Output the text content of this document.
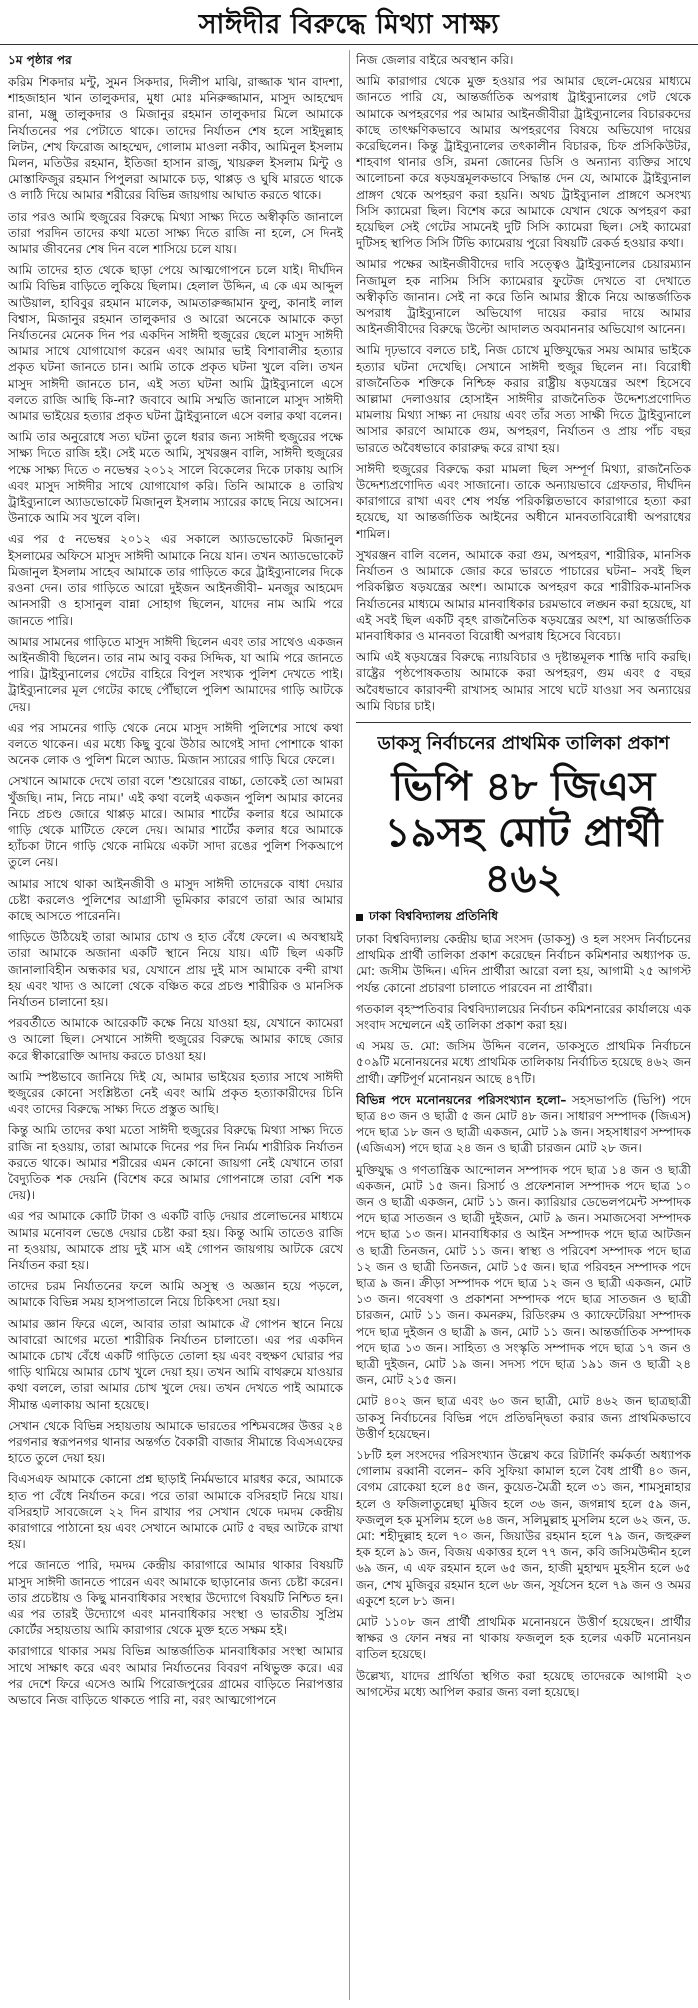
সাঈদীর বিরুদ্ধে মিথ্যা সাক্ষ্য
১ম পৃষ্ঠার পর

করিম শিকদার মন্টু, সুমন সিকদার, দিলীপ মাঝি, রাজ্জাক খান বাদশা, শাহজাহান খান তালুকদার, মুধা মোঃ মনিরুজ্জামান, মাসুদ আহম্মেদ রানা, মঞ্জু তালুকদার ও মিজানুর রহমান তালুকদার মিলে আমাকে নির্যাতনের পর পেটাতে থাকে। তাদের নির্যাতন শেষ হলে সাইদুল্লাহ লিটন, শেখ ফিরোজ আহম্মেদ, গোলাম মাওলা নকীব, আমিনুল ইসলাম মিলন, মতিউর রহমান, ইতিজা হাসান রাজু, খায়রুল ইসলাম মিন্টু ও মোস্তাফিজুর রহমান পিপুলরা আমাকে চড়, থাপ্পড় ও ঘুষি মারতে থাকে ও লাঠি দিয়ে আমার শরীরের বিভিন্ন জায়গায় আঘাত করতে থাকে।

তার পরও আমি হুজুরের বিরুদ্ধে মিথ্যা সাক্ষ্য দিতে অস্বীকৃতি জানালে তারা পরদিন তাদের কথা মতো সাক্ষ্য দিতে রাজি না হলে, সে দিনই আমার জীবনের শেষ দিন বলে শাসিয়ে চলে যায়।

আমি তাদের হাত থেকে ছাড়া পেয়ে আত্মগোপনে চলে যাই। দীর্ঘদিন আমি বিভিন্ন বাড়িতে লুকিয়ে ছিলাম। হেলাল উদ্দিন, এ কে এম আব্দুল আউয়াল, হাবিবুর রহমান মালেক, আমতারুজ্জামান ফুলু, কানাই লাল বিশ্বাস, মিজানুর রহমান তালুকদার ও আরো অনেকে আমাকে কড়া নির্যাতনের মেনেক দিন পর একদিন সাঈদী হুজুরের ছেলে মাসুদ সাঈদী আমার সাথে যোগাযোগ করেন এবং আমার ভাই বিশাবালীর হত্যার প্রকৃত ঘটনা জানতে চান। আমি তাকে প্রকৃত ঘটনা খুলে বলি। তখন মাসুদ সাঈদী জানতে চান, এই সত্য ঘটনা আমি ট্রাইব্যুনালে এসে বলতে রাজি আছি কি-না? জবাবে আমি সম্মতি জানালে মাসুদ সাঈদী আমার ভাইয়ের হত্যার প্রকৃত ঘটনা ট্রাইব্যুনালে এসে বলার কথা বলেন।

আমি তার অনুরোধে সত্য ঘটনা তুলে ধরার জন্য সাঈদী হুজুরের পক্ষে সাক্ষ্য দিতে রাজি হই। সেই মতে আমি, সুখরঞ্জন বালি, সাঈদী হুজুরের পক্ষে সাক্ষ্য দিতে ৩ নভেম্বর ২০১২ সালে বিকেলের দিকে ঢাকায় আসি এবং মাসুদ সাঈদীর সাথে যোগাযোগ করি। তিনি আমাকে ৪ তারিখ ট্রাইব্যুনালে অ্যাডভোকেট মিজানুল ইসলাম স্যারের কাছে নিয়ে আসেন। উনাকে আমি সব খুলে বলি।

এর পর ৫ নভেম্বর ২০১২ এর সকালে অ্যাডভোকেট মিজানুল ইসলামের অফিসে মাসুদ সাঈদী আমাকে নিয়ে যান। তখন অ্যাডভোকেট মিজানুল ইসলাম সাহেব আমাকে তার গাড়িতে করে ট্রাইব্যুনালের দিকে রওনা দেন। তার গাড়িতে আরো দুইজন আইনজীবী– মনজুর আহমেদ আনসারী ও হাসানুল বান্না সোহাগ ছিলেন, যাদের নাম আমি পরে জানতে পারি।

আমার সামনের গাড়িতে মাসুদ সাঈদী ছিলেন এবং তার সাথেও একজন আইনজীবী ছিলেন। তার নাম আবু বকর সিদ্দিক, যা আমি পরে জানতে পারি। ট্রাইব্যুনালের গেটের বাহিরে বিপুল সংখ্যক পুলিশ দেখতে পাই। ট্রাইব্যুনালের মূল গেটের কাছে পৌঁছালে পুলিশ আমাদের গাড়ি আটকে দেয়।

এর পর সামনের গাড়ি থেকে নেমে মাসুদ সাঈদী পুলিশের সাথে কথা বলতে থাকেন। এর মধ্যে কিছু বুঝে উঠার আগেই সাদা পোশাকে থাকা অনেক লোক ও পুলিশ মিলে অ্যাড. মিজান স্যারের গাড়ি ঘিরে ফেলে।

সেখানে আমাকে দেখে তারা বলে 'শুয়োরের বাচ্চা, তোকেই তো আমরা খুঁজছি। নাম, নিচে নাম।' এই কথা বলেই একজন পুলিশ আমার কানের নিচে প্রচণ্ড জোরে থাপ্পড় মারে। আমার শার্টের কলার ধরে আমাকে গাড়ি থেকে মাটিতে ফেলে দেয়। আমার শার্টের কলার ধরে আমাকে হ্যাঁচকা টানে গাড়ি থেকে নামিয়ে একটা সাদা রঙের পুলিশ পিকআপে তুলে নেয়।

আমার সাথে থাকা আইনজীবী ও মাসুদ সাঈদী তাদেরকে বাধা দেয়ার চেষ্টা করলেও পুলিশের আগ্রাসী ভূমিকার কারণে তারা আর আমার কাছে আসতে পারেননি।

গাড়িতে উঠিয়েই তারা আমার চোখ ও হাত বেঁধে ফেলে। এ অবস্থায়ই তারা আমাকে অজানা একটি স্থানে নিয়ে যায়। এটি ছিল একটি জানালাবিহীন অন্ধকার ঘর, যেখানে প্রায় দুই মাস আমাকে বন্দী রাখা হয় এবং খাদ্য ও আলো থেকে বঞ্চিত করে প্রচণ্ড শারীরিক ও মানসিক নির্যাতন চালানো হয়।

পরবর্তীতে আমাকে আরেকটি কক্ষে নিয়ে যাওয়া হয়, যেখানে ক্যামেরা ও আলো ছিল। সেখানে সাঈদী হুজুরের বিরুদ্ধে আমার কাছে জোর করে স্বীকারোক্তি আদায় করতে চাওয়া হয়।

আমি স্পষ্টভাবে জানিয়ে দিই যে, আমার ভাইয়ের হত্যার সাথে সাঈদী হুজুরের কোনো সংশ্লিষ্টতা নেই এবং আমি প্রকৃত হত্যাকারীদের চিনি এবং তাদের বিরুদ্ধে সাক্ষ্য দিতে প্রস্তুত আছি।

কিন্তু আমি তাদের কথা মতো সাঈদী হুজুরের বিরুদ্ধে মিথ্যা সাক্ষ্য দিতে রাজি না হওয়ায়, তারা আমাকে দিনের পর দিন নির্মম শারীরিক নির্যাতন করতে থাকে। আমার শরীরের এমন কোনো জায়গা নেই যেখানে তারা বৈদ্যুতিক শক দেয়নি (বিশেষ করে আমার গোপনাঙ্গে তারা বেশি শক দেয়)।

এর পর আমাকে কোটি টাকা ও একটি বাড়ি দেয়ার প্রলোভনের মাধ্যমে আমার মনোবল ভেঙে দেয়ার চেষ্টা করা হয়। কিন্তু আমি তাতেও রাজি না হওয়ায়, আমাকে প্রায় দুই মাস এই গোপন জায়গায় আটকে রেখে নির্যাতন করা হয়।

তাদের চরম নির্যাতনের ফলে আমি অসুস্থ ও অজ্ঞান হয়ে পড়লে, আমাকে বিভিন্ন সময় হাসপাতালে নিয়ে চিকিৎসা দেয়া হয়।

আমার জ্ঞান ফিরে এলে, আবার তারা আমাকে ঐ গোপন স্থানে নিয়ে আবারো আগের মতো শারীরিক নির্যাতন চালাতো। এর পর একদিন আমাকে চোখ বেঁধে একটি গাড়িতে তোলা হয় এবং বহুক্ষণ ঘোরার পর গাড়ি থামিয়ে আমার চোখ খুলে দেয়া হয়। তখন আমি বাথরুমে যাওয়ার কথা বললে, তারা আমার চোখ খুলে দেয়। তখন দেখতে পাই আমাকে সীমান্ত এলাকায় আনা হয়েছে।

সেখান থেকে বিভিন্ন সহায়তায় আমাকে ভারতের পশ্চিমবঙ্গের উত্তর ২৪ পরগনার স্বরূপনগর থানার অন্তর্গত বৈকারী বাজার সীমান্তে বিএসএফের হাতে তুলে দেয়া হয়।

বিএসএফ আমাকে কোনো প্রশ্ন ছাড়াই নির্মমভাবে মারধর করে, আমাকে হাত পা বেঁধে নির্যাতন করে। পরে তারা আমাকে বসিরহাট নিয়ে যায়। বসিরহাট সাবজেলে ২২ দিন রাখার পর সেখান থেকে দমদম কেন্দ্রীয় কারাগারে পাঠানো হয় এবং সেখানে আমাকে মোট ৫ বছর আটকে রাখা হয়।

পরে জানতে পারি, দমদম কেন্দ্রীয় কারাগারে আমার থাকার বিষয়টি মাসুদ সাঈদী জানতে পারেন এবং আমাকে ছাড়ানোর জন্য চেষ্টা করেন। তার প্রচেষ্টায় ও কিছু মানবাধিকার সংস্থার উদ্যোগে বিষয়টি নিশ্চিত হন। এর পর তারই উদ্যোগে এবং মানবাধিকার সংস্থা ও ভারতীয় সুপ্রিম কোর্টের সহায়তায় আমি কারাগার থেকে মুক্ত হতে সক্ষম হই।

কারাগারে থাকার সময় বিভিন্ন আন্তর্জাতিক মানবাধিকার সংস্থা আমার সাথে সাক্ষাৎ করে এবং আমার নির্যাতনের বিবরণ নথিভুক্ত করে। এর পর দেশে ফিরে এসেও আমি পিরোজপুরের গ্রামের বাড়িতে নিরাপত্তার অভাবে নিজ বাড়িতে থাকতে পারি না, বরং আত্মগোপনে

নিজ জেলার বাইরে অবস্থান করি।

আমি কারাগার থেকে মুক্ত হওয়ার পর আমার ছেলে-মেয়ের মাধ্যমে জানতে পারি যে, আন্তর্জাতিক অপরাধ ট্রাইব্যুনালের গেট থেকে আমাকে অপহরণের পর আমার আইনজীবীরা ট্রাইব্যুনালের বিচারকদের কাছে তাৎক্ষণিকভাবে আমার অপহরণের বিষয়ে অভিযোগ দায়ের করেছিলেন। কিন্তু ট্রাইব্যুনালের তৎকালীন বিচারক, চিফ প্রসিকিউটর, শাহবাগ থানার ওসি, রমনা জোনের ডিসি ও অন্যান্য ব্যক্তির সাথে আলোচনা করে ষড়যন্ত্রমূলকভাবে সিদ্ধান্ত দেন যে, আমাকে ট্রাইব্যুনাল প্রাঙ্গণ থেকে অপহরণ করা হয়নি। অথচ ট্রাইব্যুনাল প্রাঙ্গণে অসংখ্য সিসি ক্যামেরা ছিল। বিশেষ করে আমাকে যেখান থেকে অপহরণ করা হয়েছিল সেই গেটের সামনেই দুটি সিসি ক্যামেরা ছিল। সেই ক্যামেরা দুটিসহ স্থাপিত সিসি টিভি ক্যামেরায় পুরো বিষয়টি রেকর্ড হওয়ার কথা।

আমার পক্ষের আইনজীবীদের দাবি সত্ত্বেও ট্রাইব্যুনালের চেয়ারম্যান নিজামুল হক নাসিম সিসি ক্যামেরার ফুটেজ দেখতে বা দেখাতে অস্বীকৃতি জানান। সেই না করে তিনি আমার স্ত্রীকে নিয়ে আন্তর্জাতিক অপরাধ ট্রাইব্যুনালে অভিযোগ দায়ের করার দায়ে আমার আইনজীবীদের বিরুদ্ধে উল্টো আদালত অবমাননার অভিযোগ আনেন।

আমি দৃঢ়ভাবে বলতে চাই, নিজ চোখে মুক্তিযুদ্ধের সময় আমার ভাইকে হত্যার ঘটনা দেখেছি। সেখানে সাঈদী হুজুর ছিলেন না। বিরোধী রাজনৈতিক শক্তিকে নিশ্চিহ্ন করার রাষ্ট্রীয় ষড়যন্ত্রের অংশ হিসেবে আল্লামা দেলাওয়ার হোসাইন সাঈদীর রাজনৈতিক উদ্দেশ্যপ্রণোদিত মামলায় মিথ্যা সাক্ষ্য না দেয়ায় এবং তাঁর সত্য সাক্ষী দিতে ট্রাইব্যুনালে আসার কারণে আমাকে গুম, অপহরণ, নির্যাতন ও প্রায় পাঁচ বছর ভারতে অবৈধভাবে কারারুদ্ধ করে রাখা হয়।

সাঈদী হুজুরের বিরুদ্ধে করা মামলা ছিল সম্পূর্ণ মিথ্যা, রাজনৈতিক উদ্দেশ্যপ্রণোদিত এবং সাজানো। তাকে অন্যায়ভাবে গ্রেফতার, দীর্ঘদিন কারাগারে রাখা এবং শেষ পর্যন্ত পরিকল্পিতভাবে কারাগারে হত্যা করা হয়েছে, যা আন্তর্জাতিক আইনের অধীনে মানবতাবিরোধী অপরাধের শামিল।

সুখরঞ্জন বালি বলেন, আমাকে করা গুম, অপহরণ, শারীরিক, মানসিক নির্যাতন ও আমাকে জোর করে ভারতে পাচারের ঘটনা– সবই ছিল পরিকল্পিত ষড়যন্ত্রের অংশ। আমাকে অপহরণ করে শারীরিক-মানসিক নির্যাতনের মাধ্যমে আমার মানবাধিকার চরমভাবে লঙ্ঘন করা হয়েছে, যা এই সবই ছিল একটি বৃহৎ রাজনৈতিক ষড়যন্ত্রের অংশ, যা আন্তর্জাতিক মানবাধিকার ও মানবতা বিরোধী অপরাধ হিসেবে বিবেচ্য।

আমি এই ষড়যন্ত্রের বিরুদ্ধে ন্যায়বিচার ও দৃষ্টান্তমূলক শাস্তি দাবি করছি। রাষ্ট্রের পৃষ্ঠপোষকতায় আমাকে করা অপহরণ, গুম এবং ৫ বছর অবৈধভাবে কারাবন্দী রাখাসহ আমার সাথে ঘটে যাওয়া সব অন্যায়ের আমি বিচার চাই।

ডাকসু নির্বাচনের প্রাথমিক তালিকা প্রকাশ
ভিপি ৪৮ জিএস ১৯সহ মোট প্রার্থী ৪৬২
ঢাকা বিশ্ববিদ্যালয় প্রতিনিধি

ঢাকা বিশ্ববিদ্যালয় কেন্দ্রীয় ছাত্র সংসদ (ডাকসু) ও হল সংসদ নির্বাচনের প্রাথমিক প্রার্থী তালিকা প্রকাশ করেছেন নির্বাচন কমিশনার অধ্যাপক ড. মো: জসীম উদ্দিন। এদিন প্রার্থীরা আরো বলা হয়, আগামী ২৫ আগস্ট পর্যন্ত কোনো প্রচারণা চালাতে পারবেন না প্রার্থীরা।

গতকাল বৃহস্পতিবার বিশ্ববিদ্যালয়ের নির্বাচন কমিশনারের কার্যালয়ে এক সংবাদ সম্মেলনে এই তালিকা প্রকাশ করা হয়।

এ সময় ড. মো: জসিম উদ্দিন বলেন, ডাকসুতে প্রাথমিক নির্বাচনে ৫০৯টি মনোনয়নের মধ্যে প্রাথমিক তালিকায় নির্বাচিত হয়েছে ৪৬২ জন প্রার্থী। ত্রুটিপূর্ণ মনোনয়ন আছে ৪৭টি।

বিভিন্ন পদে মনোনয়নের পরিসংখ্যান হলো– সহসভাপতি (ভিপি) পদে ছাত্র ৪৩ জন ও ছাত্রী ৫ জন মোট ৪৮ জন। সাধারণ সম্পাদক (জিএস) পদে ছাত্র ১৮ জন ও ছাত্রী একজন, মোট ১৯ জন। সহসাধারণ সম্পাদক (এজিএস) পদে ছাত্র ২৪ জন ও ছাত্রী চারজন মোট ২৮ জন।

মুক্তিযুদ্ধ ও গণতান্ত্রিক আন্দোলন সম্পাদক পদে ছাত্র ১৪ জন ও ছাত্রী একজন, মোট ১৫ জন। রিসার্চ ও প্রফেশনাল সম্পাদক পদে ছাত্র ১০ জন ও ছাত্রী একজন, মোট ১১ জন। ক্যারিয়ার ডেভেলপমেন্ট সম্পাদক পদে ছাত্র সাতজন ও ছাত্রী দুইজন, মোট ৯ জন। সমাজসেবা সম্পাদক পদে ছাত্র ১৩ জন। মানবাধিকার ও আইন সম্পাদক পদে ছাত্র আটজন ও ছাত্রী তিনজন, মোট ১১ জন। স্বাস্থ্য ও পরিবেশ সম্পাদক পদে ছাত্র ১২ জন ও ছাত্রী তিনজন, মোট ১৫ জন। ছাত্র পরিবহন সম্পাদক পদে ছাত্র ৯ জন। ক্রীড়া সম্পাদক পদে ছাত্র ১২ জন ও ছাত্রী একজন, মোট ১৩ জন। গবেষণা ও প্রকাশনা সম্পাদক পদে ছাত্র সাতজন ও ছাত্রী চারজন, মোট ১১ জন। কমনরুম, রিডিংরুম ও ক্যাফেটেরিয়া সম্পাদক পদে ছাত্র দুইজন ও ছাত্রী ৯ জন, মোট ১১ জন। আন্তর্জাতিক সম্পাদক পদে ছাত্র ১৩ জন। সাহিত্য ও সংস্কৃতি সম্পাদক পদে ছাত্র ১৭ জন ও ছাত্রী দুইজন, মোট ১৯ জন। সদস্য পদে ছাত্র ১৯১ জন ও ছাত্রী ২৪ জন, মোট ২১৫ জন।

মোট ৪০২ জন ছাত্র এবং ৬০ জন ছাত্রী, মোট ৪৬২ জন ছাত্রছাত্রী ডাকসু নির্বাচনের বিভিন্ন পদে প্রতিদ্বন্দ্বিতা করার জন্য প্রাথমিকভাবে উত্তীর্ণ হয়েছেন।

১৮টি হল সংসদের পরিসংখ্যান উল্লেখ করে রিটার্নিং কর্মকর্তা অধ্যাপক গোলাম রব্বানী বলেন– কবি সুফিয়া কামাল হলে বৈধ প্রার্থী ৪০ জন, বেগম রোকেয়া হলে ৪৫ জন, কুয়েত-মৈত্রী হলে ৩১ জন, শামসুন্নাহার হলে ও ফজিলাতুন্নেছা মুজিব হলে ৩৬ জন, জগন্নাথ হলে ৫৯ জন, ফজলুল হক মুসলিম হলে ৬৪ জন, সলিমুল্লাহ মুসলিম হলে ৬২ জন, ড. মো: শহীদুল্লাহ হলে ৭০ জন, জিয়াউর রহমান হলে ৭৯ জন, জহুরুল হক হলে ৯১ জন, বিজয় একাত্তর হলে ৭৭ জন, কবি জসিমউদ্দীন হলে ৬৯ জন, এ এফ রহমান হলে ৬৫ জন, হাজী মুহাম্মদ মুহসীন হলে ৬৫ জন, শেখ মুজিবুর রহমান হলে ৬৮ জন, সূর্যসেন হলে ৭৯ জন ও অমর একুশে হলে ৮১ জন।

মোট ১১০৮ জন প্রার্থী প্রাথমিক মনোনয়নে উত্তীর্ণ হয়েছেন। প্রার্থীর স্বাক্ষর ও ফোন নম্বর না থাকায় ফজলুল হক হলের একটি মনোনয়ন বাতিল হয়েছে।

উল্লেখ্য, যাদের প্রার্থিতা স্থগিত করা হয়েছে তাদেরকে আগামী ২৩ আগস্টের মধ্যে আপিল করার জন্য বলা হয়েছে।
